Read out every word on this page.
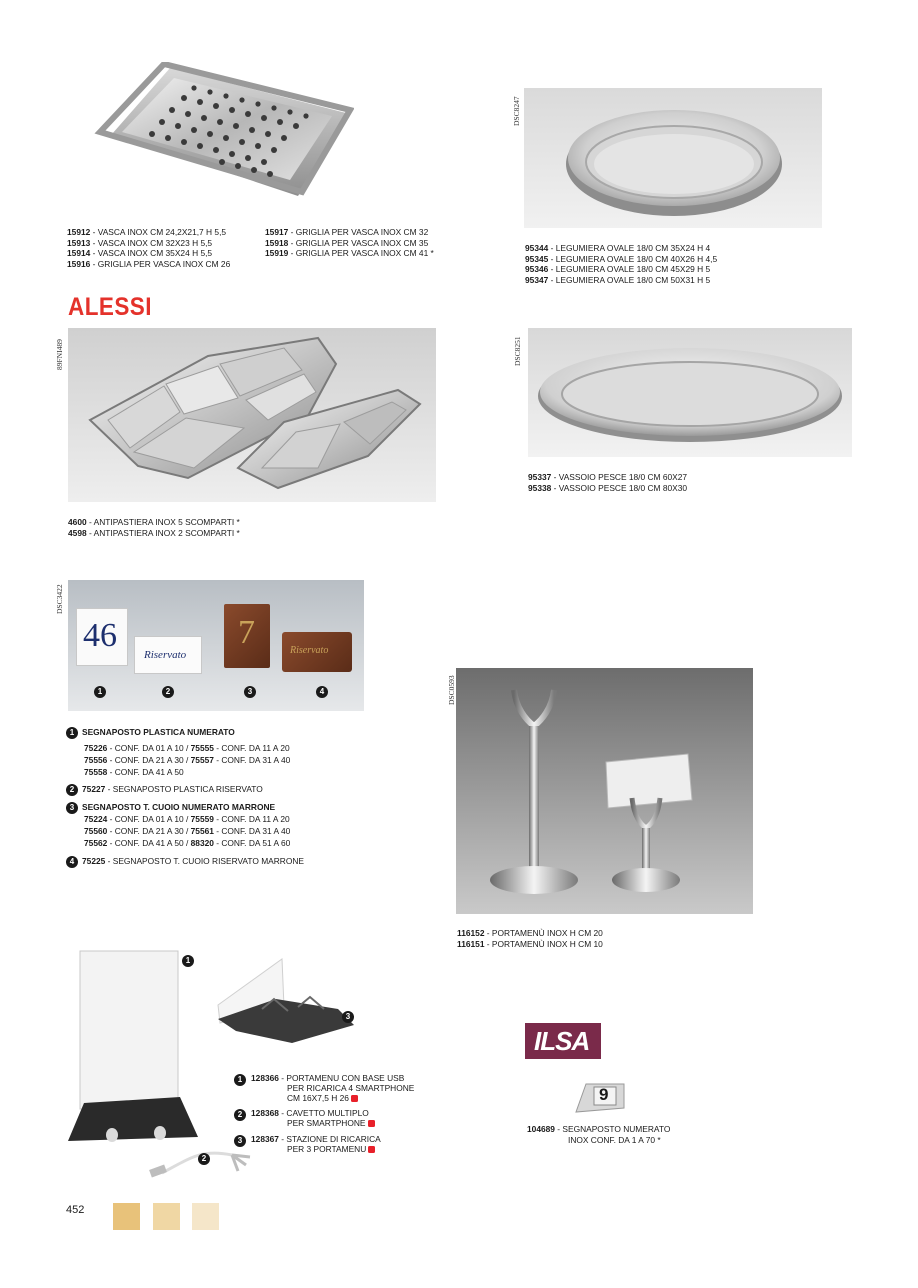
15912 - VASCA INOX CM 24,2X21,7 H 5,5
15913 - VASCA INOX CM 32X23 H 5,5
15914 - VASCA INOX CM 35X24 H 5,5
15916 - GRIGLIA PER VASCA INOX CM 26
15917 - GRIGLIA PER VASCA INOX CM 32
15918 - GRIGLIA PER VASCA INOX CM 35
15919 - GRIGLIA PER VASCA INOX CM 41 *
DSC8247
95344 - LEGUMIERA OVALE 18/0 CM 35X24 H 4
95345 - LEGUMIERA OVALE 18/0 CM 40X26 H 4,5
95346 - LEGUMIERA OVALE 18/0 CM 45X29 H 5
95347 - LEGUMIERA OVALE 18/0 CM 50X31 H 5
ALESSI
89FNI489
4600 - ANTIPASTIERA INOX 5 SCOMPARTI *
4598 - ANTIPASTIERA INOX 2 SCOMPARTI *
DSC8251
95337 - VASSOIO PESCE 18/0 CM 60X27
95338 - VASSOIO PESCE 18/0 CM 80X30
DSC3422
46
Riservato
7	Riservato
1	2	3	4
1 SEGNAPOSTO PLASTICA NUMERATO
75226 - CONF. DA 01 A 10 / 75555 - CONF. DA 11 A 20
75556 - CONF. DA 21 A 30 / 75557 - CONF. DA 31 A 40
75558 - CONF. DA 41 A 50
2 75227 - SEGNAPOSTO PLASTICA RISERVATO
3 SEGNAPOSTO T. CUOIO NUMERATO MARRONE
75224 - CONF. DA 01 A 10 / 75559 - CONF. DA 11 A 20
75560 - CONF. DA 21 A 30 / 75561 - CONF. DA 31 A 40
75562 - CONF. DA 41 A 50 / 88320 - CONF. DA 51 A 60
4 75225 - SEGNAPOSTO T. CUOIO RISERVATO MARRONE
DSC0593
116152 - PORTAMENÙ INOX H CM 20
116151 - PORTAMENÙ INOX H CM 10
1
3
2
1	128366 - PORTAMENU CON BASE USB
PER RICARICA 4 SMARTPHONE
CM 16X7,5 H 26
2	128368 - CAVETTO MULTIPLO
PER SMARTPHONE
3	128367 - STAZIONE DI RICARICA
PER 3 PORTAMENU
ILSA
9
104689 - SEGNAPOSTO NUMERATO
INOX CONF. DA 1 A 70 *
452
